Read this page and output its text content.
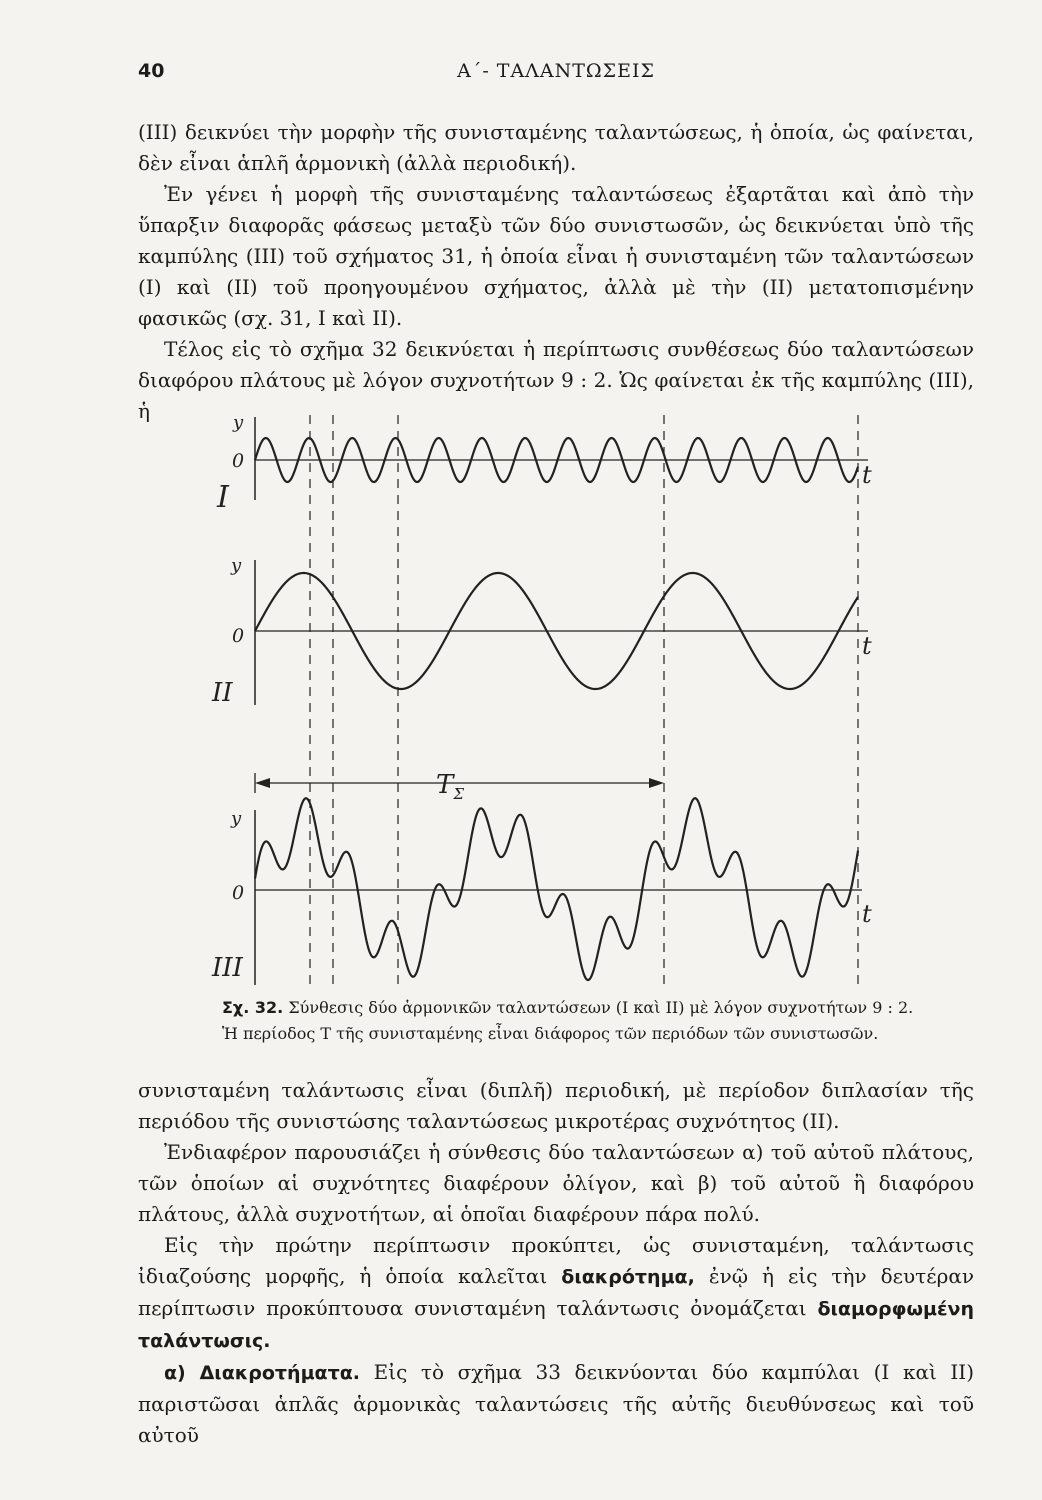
40	Α΄- ΤΑΛΑΝΤΩΣΕΙΣ

(ΙΙΙ) δεικνύει τὴν μορφὴν τῆς συνισταμένης ταλαντώσεως, ἡ ὁποία, ὡς φαίνεται, δὲν εἶναι ἁπλῆ ἁρμονικὴ (ἀλλὰ περιοδική).

Ἐν γένει ἡ μορφὴ τῆς συνισταμένης ταλαντώσεως ἐξαρτᾶται καὶ ἀπὸ τὴν ὕπαρξιν διαφορᾶς φάσεως μεταξὺ τῶν δύο συνιστωσῶν, ὡς δεικνύεται ὑπὸ τῆς καμπύλης (ΙΙΙ) τοῦ σχήματος 31, ἡ ὁποία εἶναι ἡ συνισταμένη τῶν ταλαντώσεων (Ι) καὶ (ΙΙ) τοῦ προηγουμένου σχήματος, ἀλλὰ μὲ τὴν (ΙΙ) μετατοπισμένην φασικῶς (σχ. 31, Ι καὶ ΙΙ).

Τέλος εἰς τὸ σχῆμα 32 δεικνύεται ἡ περίπτωσις συνθέσεως δύο ταλαντώσεων διαφόρου πλάτους μὲ λόγον συχνοτήτων 9 : 2. Ὡς φαίνεται ἐκ τῆς καμπύλης (ΙΙΙ), ἡ	y
0	t
I
y
0	t
II
$T_\Sigma$
y
0
t
III

Σχ. 32. Σύνθεσις δύο ἁρμονικῶν ταλαντώσεων (Ι καὶ ΙΙ) μὲ λόγον συχνοτήτων 9 : 2.

Ἡ περίοδος Τ τῆς συνισταμένης εἶναι διάφορος τῶν περιόδων τῶν συνιστωσῶν.

συνισταμένη ταλάντωσις εἶναι (διπλῆ) περιοδική, μὲ περίοδον διπλασίαν τῆς περιόδου τῆς συνιστώσης ταλαντώσεως μικροτέρας συχνότητος (ΙΙ).

Ἐνδιαφέρον παρουσιάζει ἡ σύνθεσις δύο ταλαντώσεων α) τοῦ αὐτοῦ πλάτους, τῶν ὁποίων αἱ συχνότητες διαφέρουν ὀλίγον, καὶ β) τοῦ αὐτοῦ ἢ διαφόρου πλάτους, ἀλλὰ συχνοτήτων, αἱ ὁποῖαι διαφέρουν πάρα πολύ.

Εἰς τὴν πρώτην περίπτωσιν προκύπτει, ὡς συνισταμένη, ταλάντωσις ἰδιαζούσης μορφῆς, ἡ ὁποία καλεῖται διακρότημα, ἐνῷ ἡ εἰς τὴν δευτέραν περίπτωσιν προκύπτουσα συνισταμένη ταλάντωσις ὀνομάζεται διαμορφωμένη ταλάντωσις.

α) Διακροτήματα. Εἰς τὸ σχῆμα 33 δεικνύονται δύο καμπύλαι (Ι καὶ ΙΙ) παριστῶσαι ἁπλᾶς ἁρμονικὰς ταλαντώσεις τῆς αὐτῆς διευθύνσεως καὶ τοῦ αὐτοῦ
